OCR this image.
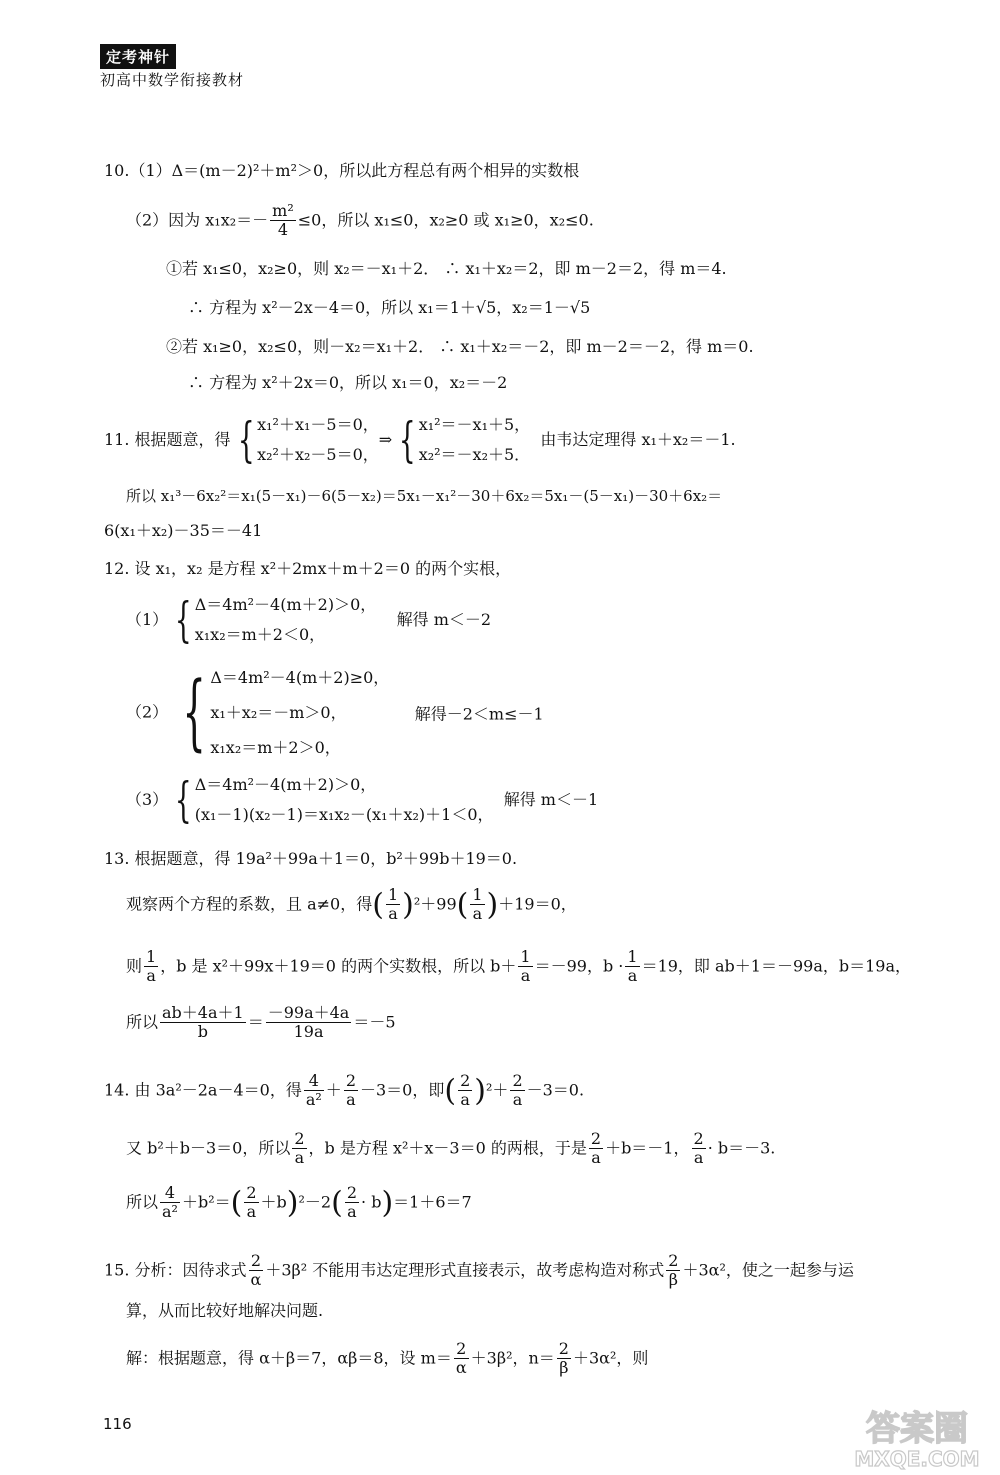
定考神针
初高中数学衔接教材
10.（1）Δ＝(m－2)²＋m²＞0，所以此方程总有两个相异的实数根
（2）因为 $x_1x_2=- \frac{\text{m²}}{4} \le 0$，所以 x₁≤0，x₂≥0 或 x₁≥0，x₂≤0.
①若 x₁≤0，x₂≥0，则 x₂＝－x₁＋2． ∴ x₁＋x₂＝2，即 m－2＝2，得 m＝4.
∴ 方程为 x²－2x－4＝0，所以 x₁＝1＋√5，x₂＝1－√5
②若 x₁≥0，x₂≤0，则－x₂＝x₁＋2． ∴ x₁＋x₂＝－2，即 m－2＝－2，得 m＝0.
∴ 方程为 x²＋2x＝0，所以 x₁＝0，x₂＝－2
11. 根据题意，得 { x₁²＋x₁－5＝0，
x₂²＋x₂－5＝0，⇒ { x₁²＝－x₁＋5，
x₂²＝－x₂＋5．  由韦达定理得 x₁＋x₂＝－1.
所以 x₁³－6x₂²＝x₁(5－x₁)－6(5－x₂)＝5x₁－x₁²－30＋6x₂＝5x₁－(5－x₁)－30＋6x₂＝
6(x₁＋x₂)－35＝－41
12. 设 x₁，x₂ 是方程 x²＋2mx＋m＋2＝0 的两个实根，
（1） { Δ＝4m²－4(m＋2)＞0，
x₁x₂＝m＋2＜0，    解得 m＜－2
（2） { Δ＝4m²－4(m＋2)≥0，
x₁＋x₂＝－m＞0，
x₁x₂＝m＋2＞0，     解得－2＜m≤－1
（3） { Δ＝4m²－4(m＋2)＞0，
(x₁－1)(x₂－1)＝x₁x₂－(x₁＋x₂)＋1＜0，  解得 m＜－1
13. 根据题意，得 19a²＋99a＋1＝0，b²＋99b＋19＝0.
观察两个方程的系数，且 a≠0，得( $\frac{1}{a} )^2+99( \frac{1}{a} )+19=0$，
则 $\frac{1}{a}$ ，b 是 x²＋99x＋19＝0 的两个实数根，所以 $b+ \frac{1}{a} =-99$，$b \cdot \frac{1}{a} =19$，即 ab＋1＝－99a，b＝19a，
所以 $\frac{ab+4a+1}{b} = \frac{-99a+4a}{19a} =-5$
14. 由 3a²－2a－4＝0，得 $\frac{4}{\text{a²}} + \frac{2}{a} -3=0$，即( $\frac{2}{a} )^2+ \frac{2}{a} -3=0$.
又 b²＋b－3＝0，所以 $\frac{2}{a}$ ，b 是方程 x²＋x－3＝0 的两根，于是 $\frac{2}{a} +b=-1$， $\frac{2}{a} \cdot b=-3$.
所以 $\frac{4}{\text{a²}} +b^2=( \frac{2}{a} +b)^2-2( \frac{2}{a} \cdot b)=1+6=7$
15. 分析：因待求式 $\frac{2}{\alpha} +3\beta^2$ 不能用韦达定理形式直接表示，故考虑构造对称式 $\frac{2}{\beta} +3\alpha^2$，使之一起参与运
算，从而比较好地解决问题.
解：根据题意，得 α＋β＝7，αβ＝8，设 $m= \frac{2}{\alpha} +3\beta^2$，$n= \frac{2}{\beta} +3\alpha^2$，则
116	答案圈
MXQE.COM
